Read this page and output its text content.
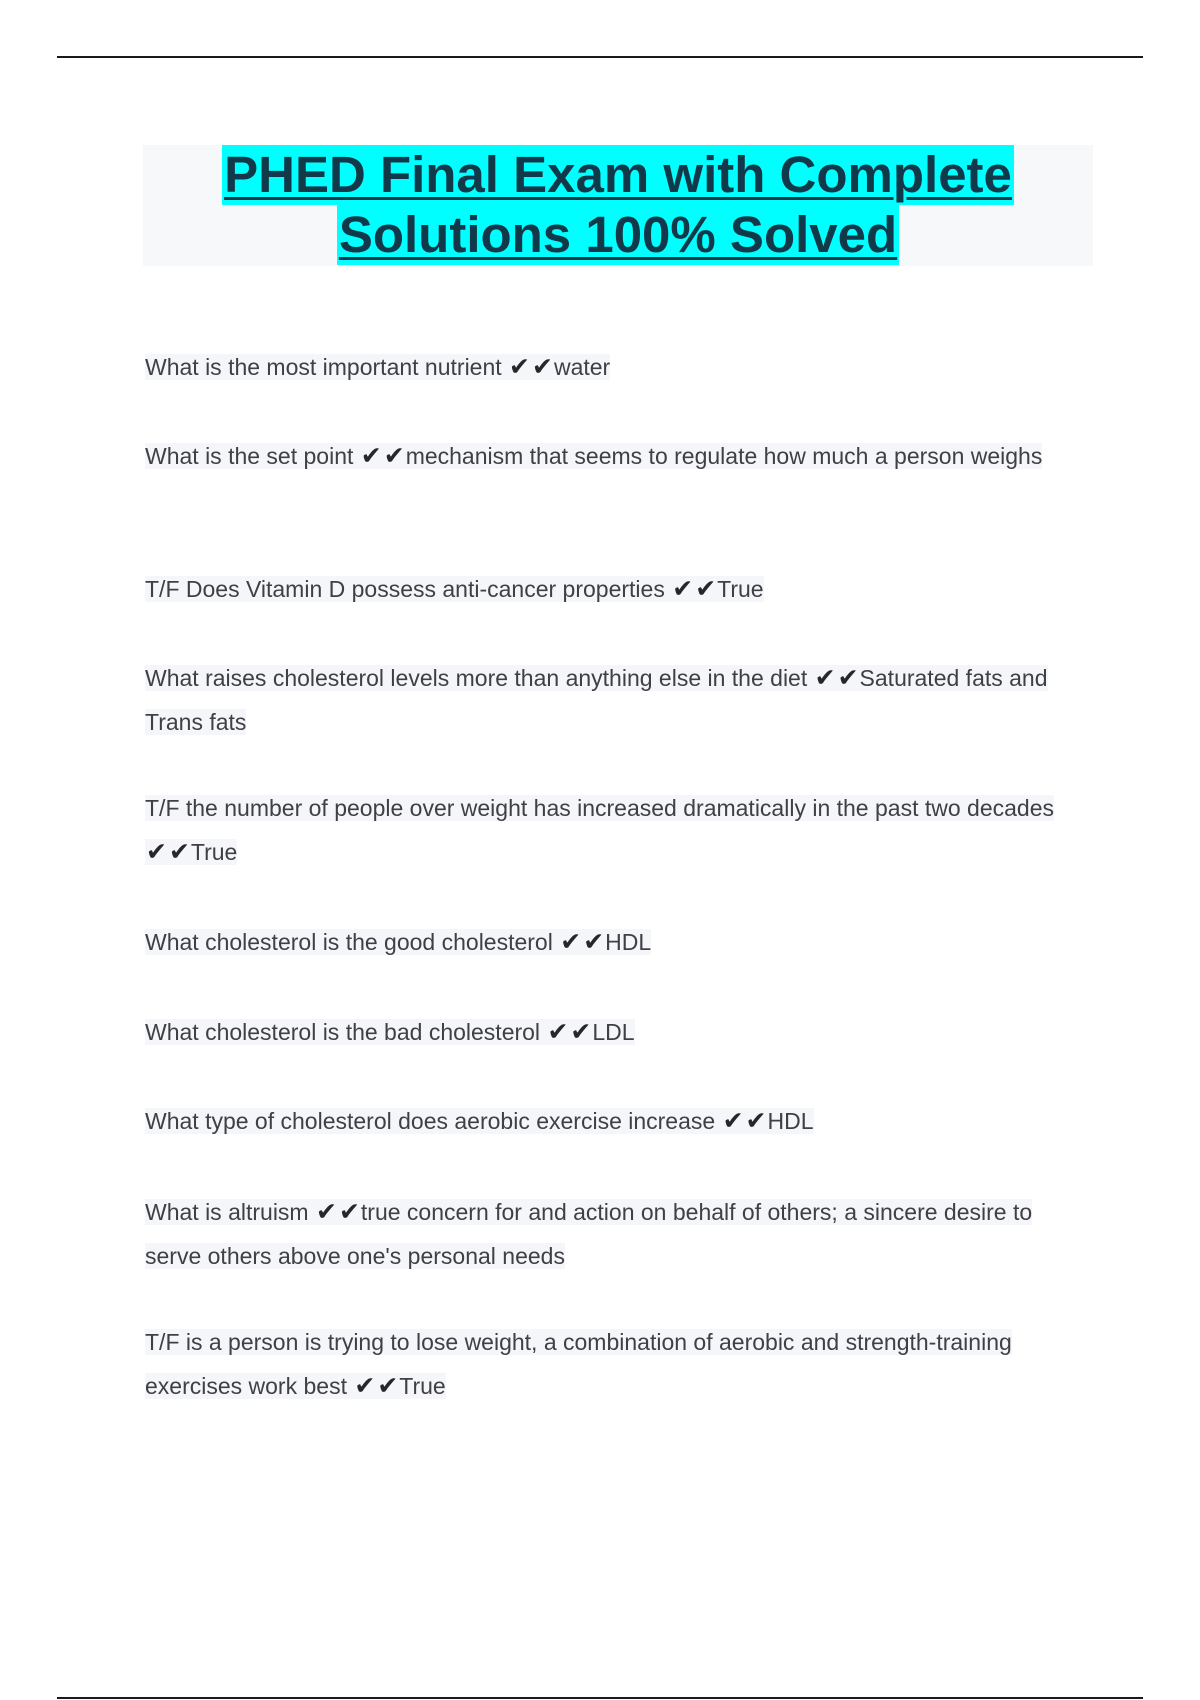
PHED Final Exam with Complete
Solutions 100% Solved

What is the most important nutrient ✔✔water

What is the set point ✔✔mechanism that seems to regulate how much a person weighs

T/F Does Vitamin D possess anti-cancer properties ✔✔True

What raises cholesterol levels more than anything else in the diet ✔✔Saturated fats and Trans fats

T/F the number of people over weight has increased dramatically in the past two decades ✔✔True

What cholesterol is the good cholesterol ✔✔HDL

What cholesterol is the bad cholesterol ✔✔LDL

What type of cholesterol does aerobic exercise increase ✔✔HDL

What is altruism ✔✔true concern for and action on behalf of others; a sincere desire to serve others above one's personal needs

T/F is a person is trying to lose weight, a combination of aerobic and strength-training exercises work best ✔✔True
